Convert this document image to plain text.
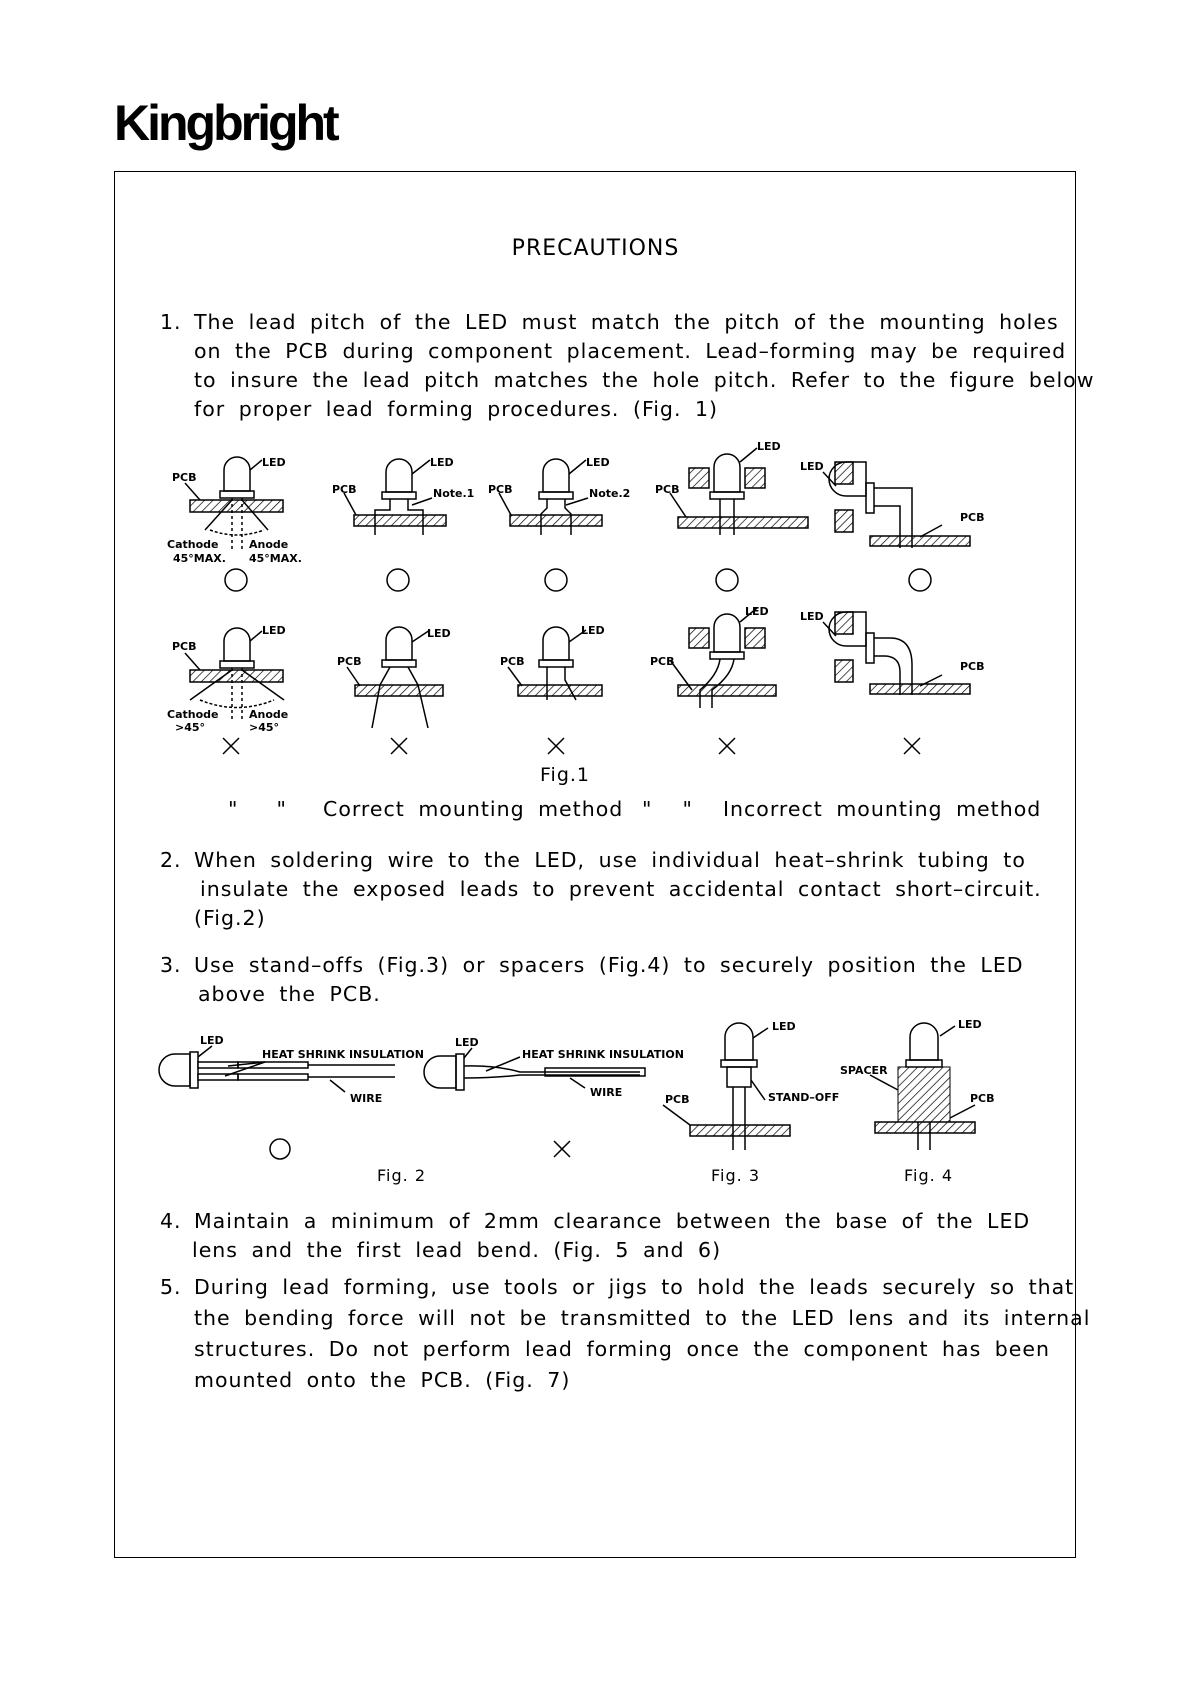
Kingbright
PRECAUTIONS
1. The lead pitch of the LED must match the pitch of the mounting holes
on the PCB during component placement. Lead–forming may be required
to insure the lead pitch matches the hole pitch. Refer to the figure below
for proper lead forming procedures. (Fig. 1)
LED
PCB
Cathode	Anode
45°MAX. 45°MAX.
LED
PCB	Note.1
LED
PCB	Note.2
LED
PCB
LED
PCB
LED
PCB
Cathode	Anode
>45°	>45°
LED
PCB
LED
PCB
LED
PCB
LED
PCB
Fig.1
" " Correct mounting method " " Incorrect mounting method
2. When soldering wire to the LED, use individual heat–shrink tubing to
insulate the exposed leads to prevent accidental contact short–circuit.
(Fig.2)
3. Use stand–offs (Fig.3) or spacers (Fig.4) to securely position the LED
above the PCB.
LED
HEAT SHRINK INSULATION
WIRE
LED
HEAT SHRINK INSULATION
WIRE
LED
PCB	STAND–OFF
LED
SPACER
PCB
Fig. 2	Fig. 3	Fig. 4
4. Maintain a minimum of 2mm clearance between the base of the LED
lens and the first lead bend. (Fig. 5 and 6)
5. During lead forming, use tools or jigs to hold the leads securely so that
the bending force will not be transmitted to the LED lens and its internal
structures. Do not perform lead forming once the component has been
mounted onto the PCB. (Fig. 7)
